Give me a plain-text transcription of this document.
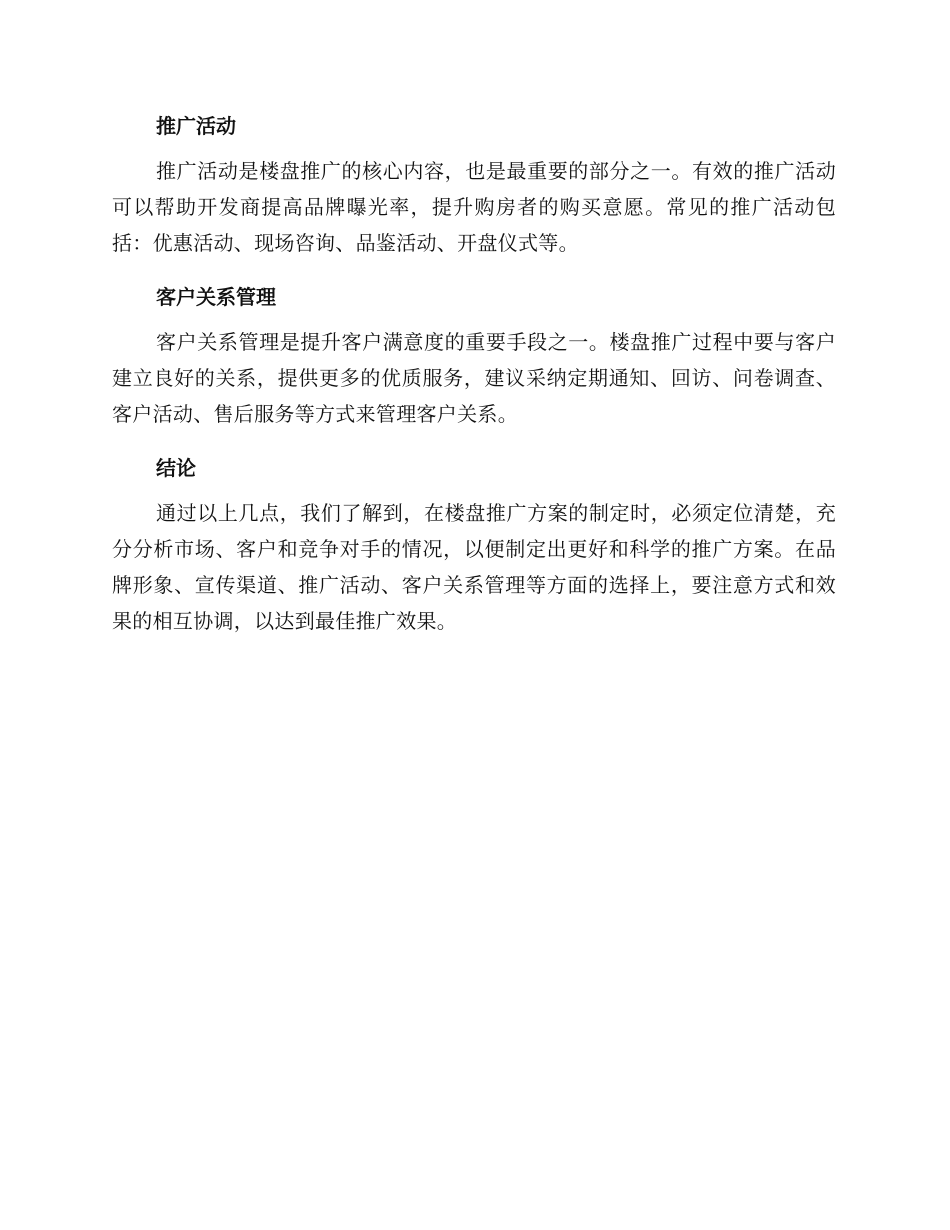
推广活动

推广活动是楼盘推广的核心内容，也是最重要的部分之一。有效的推广活动可以帮助开发商提高品牌曝光率，提升购房者的购买意愿。常见的推广活动包括：优惠活动、现场咨询、品鉴活动、开盘仪式等。

客户关系管理

客户关系管理是提升客户满意度的重要手段之一。楼盘推广过程中要与客户建立良好的关系，提供更多的优质服务，建议采纳定期通知、回访、问卷调查、客户活动、售后服务等方式来管理客户关系。

结论

通过以上几点，我们了解到，在楼盘推广方案的制定时，必须定位清楚，充分分析市场、客户和竞争对手的情况，以便制定出更好和科学的推广方案。在品牌形象、宣传渠道、推广活动、客户关系管理等方面的选择上，要注意方式和效果的相互协调，以达到最佳推广效果。
